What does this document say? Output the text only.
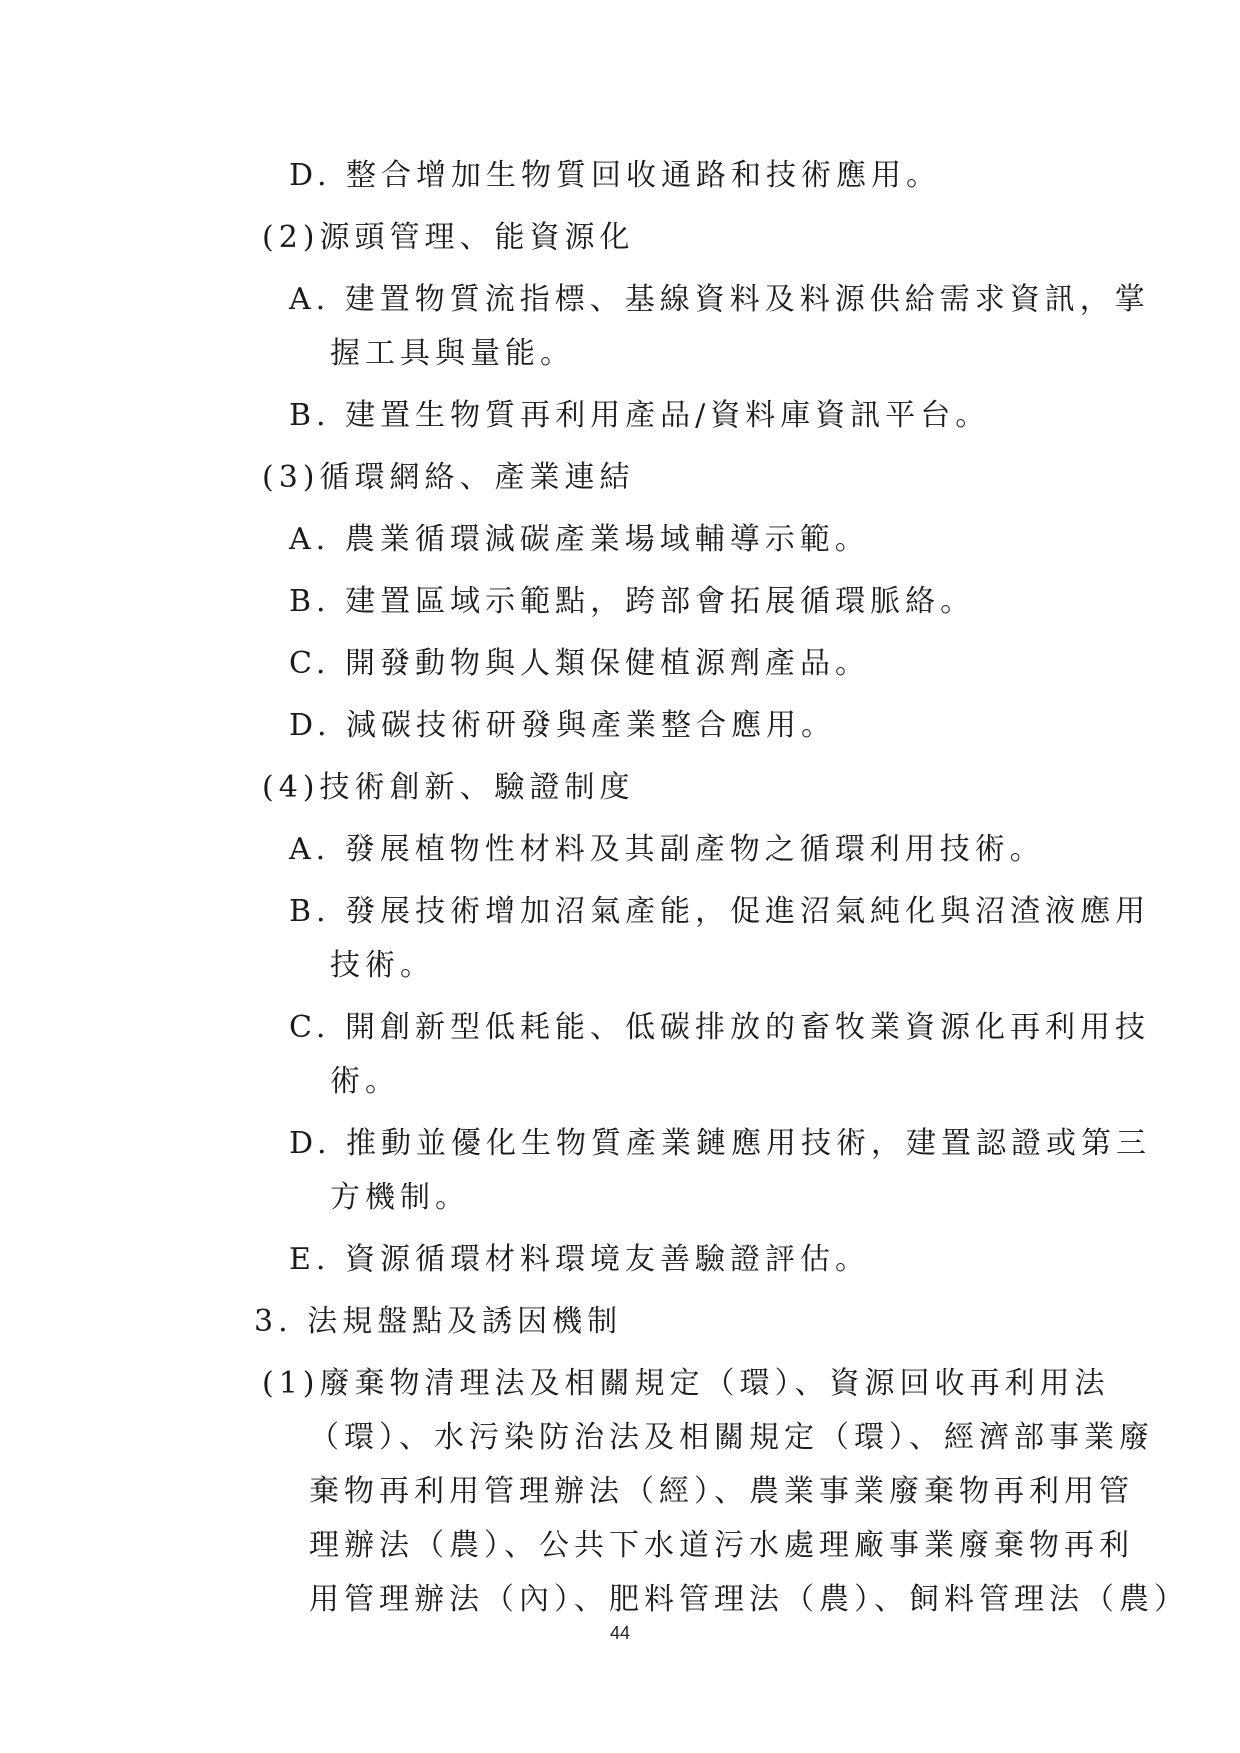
D. 整合增加生物質回收通路和技術應用。
(2)源頭管理、能資源化
A. 建置物質流指標、基線資料及料源供給需求資訊，掌
握工具與量能。
B. 建置生物質再利用產品/資料庫資訊平台。
(3)循環網絡、產業連結
A. 農業循環減碳產業場域輔導示範。
B. 建置區域示範點，跨部會拓展循環脈絡。
C. 開發動物與人類保健植源劑產品。
D. 減碳技術研發與產業整合應用。
(4)技術創新、驗證制度
A. 發展植物性材料及其副產物之循環利用技術。
B. 發展技術增加沼氣產能，促進沼氣純化與沼渣液應用
技術。
C. 開創新型低耗能、低碳排放的畜牧業資源化再利用技
術。
D. 推動並優化生物質產業鏈應用技術，建置認證或第三
方機制。
E. 資源循環材料環境友善驗證評估。
3. 法規盤點及誘因機制
(1)廢棄物清理法及相關規定（環）、資源回收再利用法
（環）、水污染防治法及相關規定（環）、經濟部事業廢
棄物再利用管理辦法（經）、農業事業廢棄物再利用管
理辦法（農）、公共下水道污水處理廠事業廢棄物再利
用管理辦法（內）、肥料管理法（農）、飼料管理法（農）
44
